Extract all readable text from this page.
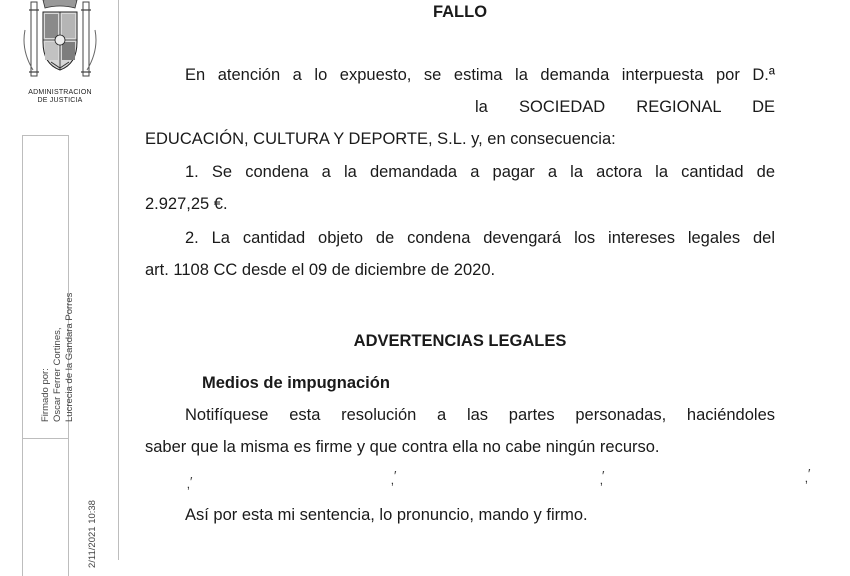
ADMINISTRACION
DE JUSTICIA
Firmado por: Oscar Ferrer Cortines, Lucrecia de la Gandara Porres
2/11/2021 10:38
FALLO
En atención a lo expuesto, se estima la demanda interpuesta por D.ª
la SOCIEDAD REGIONAL DE
EDUCACIÓN, CULTURA Y DEPORTE, S.L. y, en consecuencia:
1. Se condena a la demandada a pagar a la actora la cantidad de
2.927,25 €.
2. La cantidad objeto de condena devengará los intereses legales del
art. 1108 CC desde el 09 de diciembre de 2020.
ADVERTENCIAS LEGALES
Medios de impugnación
Notifíquese esta resolución a las partes personadas, haciéndoles
saber que la misma es firme y que contra ella no cabe ningún recurso.
′	′	′	′
ʼ	ʼ	ʼ	ʼ
Así por esta mi sentencia, lo pronuncio, mando y firmo.
